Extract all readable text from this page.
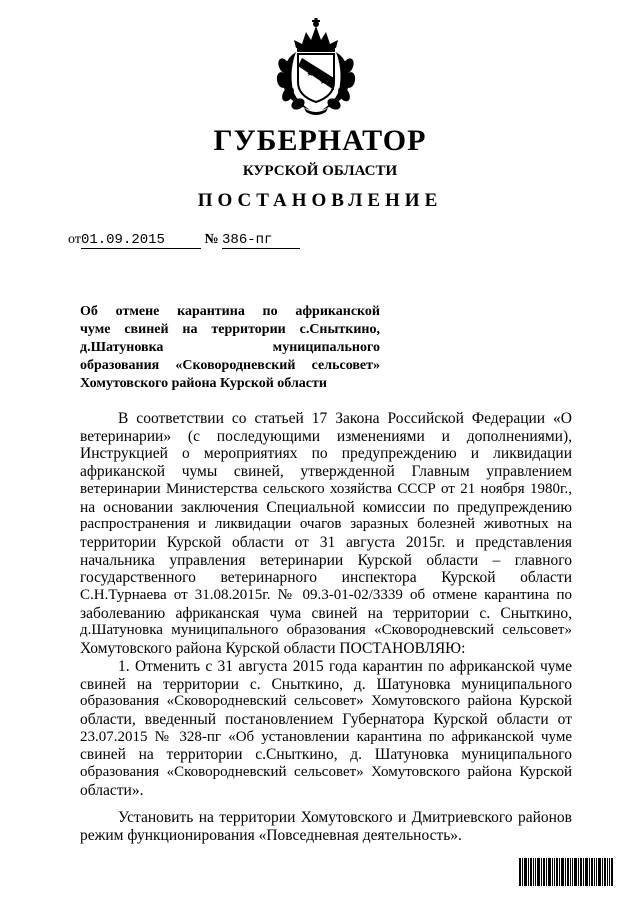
ГУБЕРНАТОР
КУРСКОЙ ОБЛАСТИ
ПОСТАНОВЛЕНИЕ
от01.09.2015	№ 386-пг
Об отмене карантина по африканской
чуме свиней на территории с.Сныткино,
д.Шатуновка муниципального
образования «Сковородневский сельсовет»
Хомутовского района Курской области
В соответствии со статьей 17 Закона Российской Федерации «О
ветеринарии» (с последующими изменениями и дополнениями),
Инструкцией о мероприятиях по предупреждению и ликвидации
африканской чумы свиней, утвержденной Главным управлением
ветеринарии Министерства сельского хозяйства СССР от 21 ноября 1980г.,
на основании заключения Специальной комиссии по предупреждению
распространения и ликвидации очагов заразных болезней животных на
территории Курской области от 31 августа 2015г. и представления
начальника управления ветеринарии Курской области – главного
государственного ветеринарного инспектора Курской области
С.Н.Турнаева от 31.08.2015г. № 09.3-01-02/3339 об отмене карантина по
заболеванию африканская чума свиней на территории с. Сныткино,
д.Шатуновка муниципального образования «Сковородневский сельсовет»
Хомутовского района Курской области ПОСТАНОВЛЯЮ:
1. Отменить с 31 августа 2015 года карантин по африканской чуме
свиней на территории с. Сныткино, д. Шатуновка муниципального
образования «Сковородневский сельсовет» Хомутовского района Курской
области, введенный постановлением Губернатора Курской области от
23.07.2015 № 328-пг «Об установлении карантина по африканской чуме
свиней на территории с.Сныткино, д. Шатуновка муниципального
образования «Сковородневский сельсовет» Хомутовского района Курской
области».
Установить на территории Хомутовского и Дмитриевского районов
режим функционирования «Повседневная деятельность».
